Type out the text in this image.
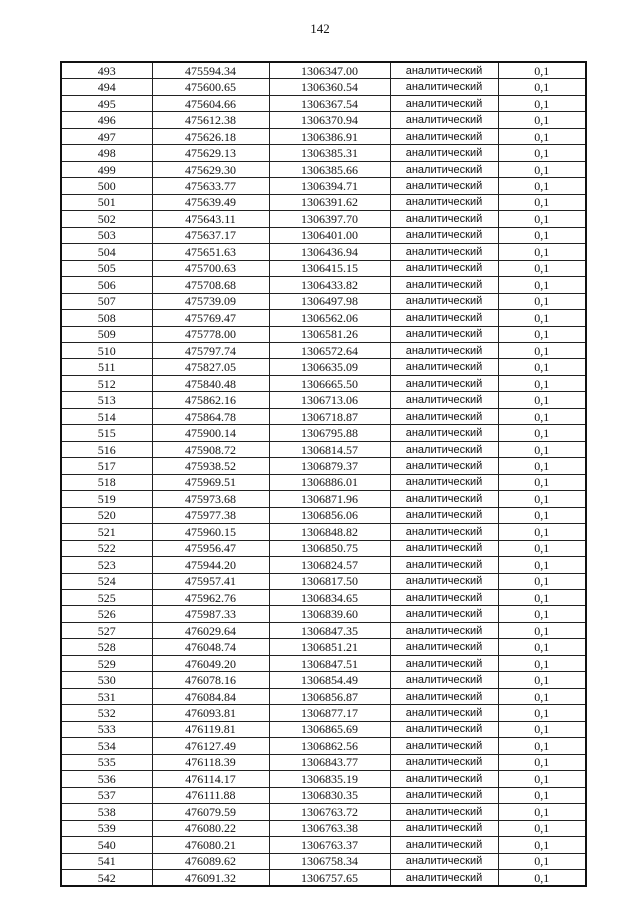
142
493	475594.34	1306347.00	аналитический	0,1
494	475600.65	1306360.54	аналитический	0,1
495	475604.66	1306367.54	аналитический	0,1
496	475612.38	1306370.94	аналитический	0,1
497	475626.18	1306386.91	аналитический	0,1
498	475629.13	1306385.31	аналитический	0,1
499	475629.30	1306385.66	аналитический	0,1
500	475633.77	1306394.71	аналитический	0,1
501	475639.49	1306391.62	аналитический	0,1
502	475643.11	1306397.70	аналитический	0,1
503	475637.17	1306401.00	аналитический	0,1
504	475651.63	1306436.94	аналитический	0,1
505	475700.63	1306415.15	аналитический	0,1
506	475708.68	1306433.82	аналитический	0,1
507	475739.09	1306497.98	аналитический	0,1
508	475769.47	1306562.06	аналитический	0,1
509	475778.00	1306581.26	аналитический	0,1
510	475797.74	1306572.64	аналитический	0,1
511	475827.05	1306635.09	аналитический	0,1
512	475840.48	1306665.50	аналитический	0,1
513	475862.16	1306713.06	аналитический	0,1
514	475864.78	1306718.87	аналитический	0,1
515	475900.14	1306795.88	аналитический	0,1
516	475908.72	1306814.57	аналитический	0,1
517	475938.52	1306879.37	аналитический	0,1
518	475969.51	1306886.01	аналитический	0,1
519	475973.68	1306871.96	аналитический	0,1
520	475977.38	1306856.06	аналитический	0,1
521	475960.15	1306848.82	аналитический	0,1
522	475956.47	1306850.75	аналитический	0,1
523	475944.20	1306824.57	аналитический	0,1
524	475957.41	1306817.50	аналитический	0,1
525	475962.76	1306834.65	аналитический	0,1
526	475987.33	1306839.60	аналитический	0,1
527	476029.64	1306847.35	аналитический	0,1
528	476048.74	1306851.21	аналитический	0,1
529	476049.20	1306847.51	аналитический	0,1
530	476078.16	1306854.49	аналитический	0,1
531	476084.84	1306856.87	аналитический	0,1
532	476093.81	1306877.17	аналитический	0,1
533	476119.81	1306865.69	аналитический	0,1
534	476127.49	1306862.56	аналитический	0,1
535	476118.39	1306843.77	аналитический	0,1
536	476114.17	1306835.19	аналитический	0,1
537	476111.88	1306830.35	аналитический	0,1
538	476079.59	1306763.72	аналитический	0,1
539	476080.22	1306763.38	аналитический	0,1
540	476080.21	1306763.37	аналитический	0,1
541	476089.62	1306758.34	аналитический	0,1
542	476091.32	1306757.65	аналитический	0,1
